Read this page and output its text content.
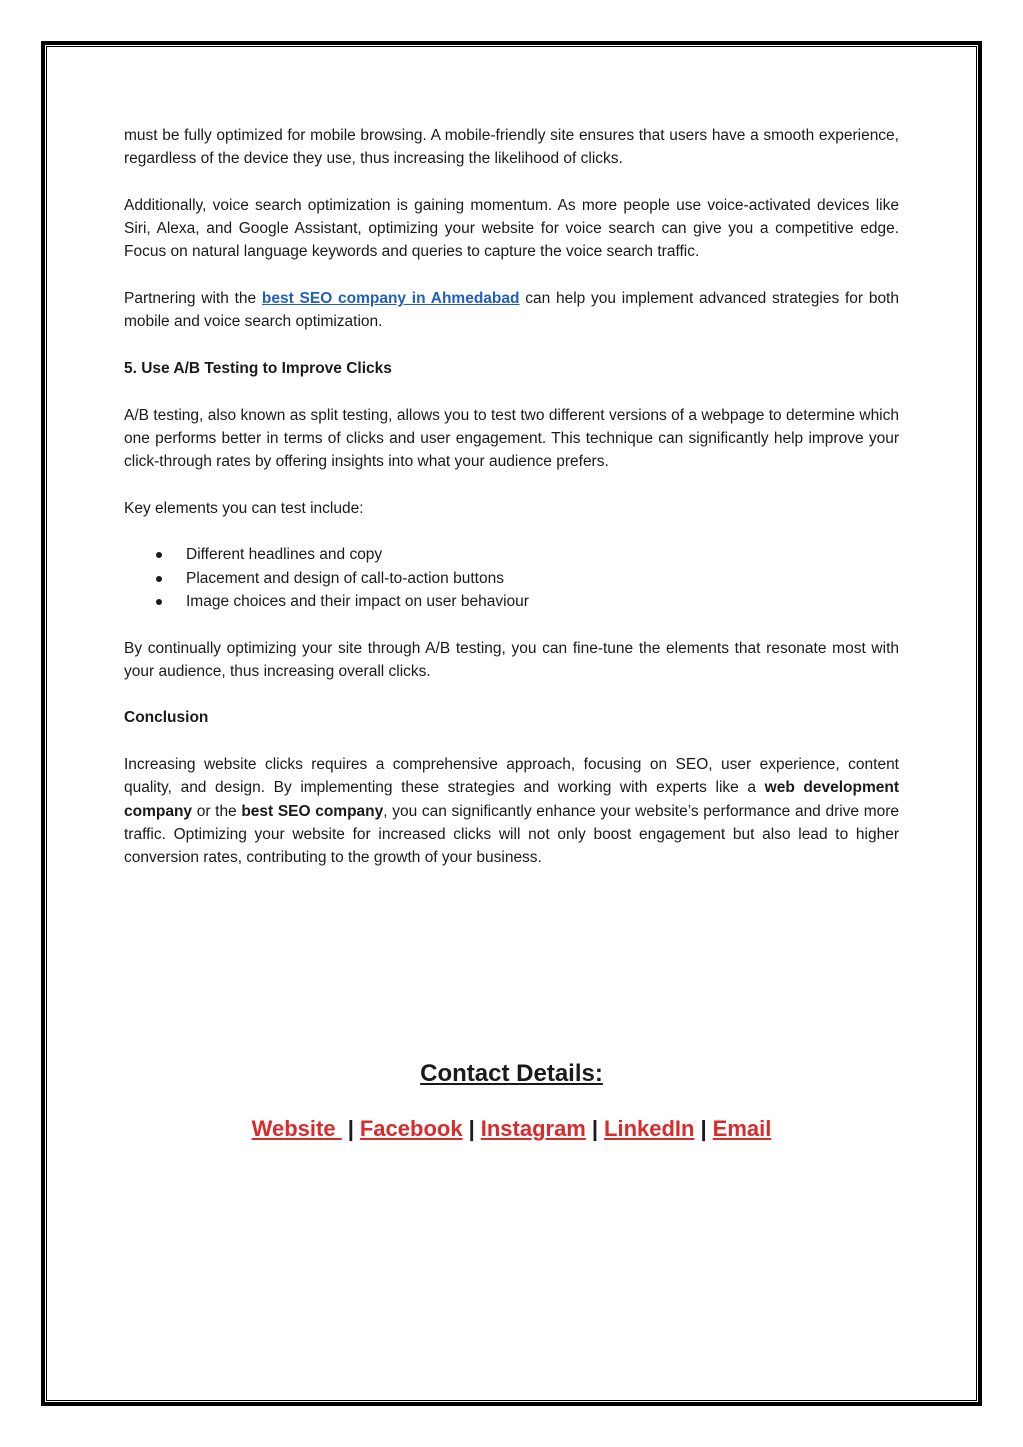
must be fully optimized for mobile browsing. A mobile-friendly site ensures that users have a smooth experience, regardless of the device they use, thus increasing the likelihood of clicks.

Additionally, voice search optimization is gaining momentum. As more people use voice-activated devices like Siri, Alexa, and Google Assistant, optimizing your website for voice search can give you a competitive edge. Focus on natural language keywords and queries to capture the voice search traffic.

Partnering with the best SEO company in Ahmedabad can help you implement advanced strategies for both mobile and voice search optimization.

5. Use A/B Testing to Improve Clicks

A/B testing, also known as split testing, allows you to test two different versions of a webpage to determine which one performs better in terms of clicks and user engagement. This technique can significantly help improve your click-through rates by offering insights into what your audience prefers.

Key elements you can test include:

Different headlines and copy
Placement and design of call-to-action buttons
Image choices and their impact on user behaviour

By continually optimizing your site through A/B testing, you can fine-tune the elements that resonate most with your audience, thus increasing overall clicks.

Conclusion

Increasing website clicks requires a comprehensive approach, focusing on SEO, user experience, content quality, and design. By implementing these strategies and working with experts like a web development company or the best SEO company, you can significantly enhance your website’s performance and drive more traffic. Optimizing your website for increased clicks will not only boost engagement but also lead to higher conversion rates, contributing to the growth of your business.

Contact Details:
Website | Facebook | Instagram | LinkedIn | Email
